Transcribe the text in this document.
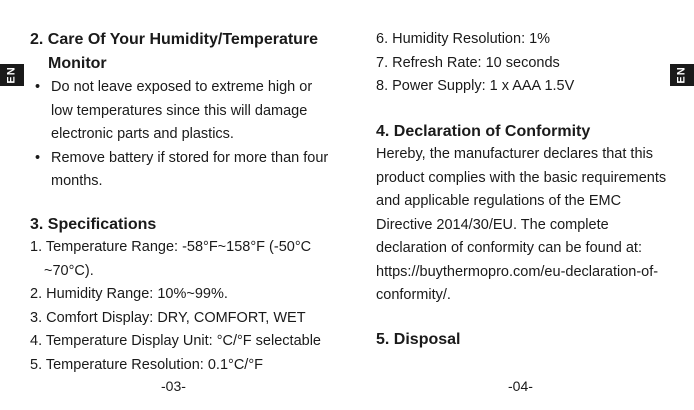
EN	EN
2. Care Of Your Humidity/Temperature Monitor
• Do not leave exposed to extreme high or low temperatures since this will damage electronic parts and plastics.
• Remove battery if stored for more than four months.
3. Specifications
1. Temperature Range: -58°F~158°F (-50°C ~70°C).
2. Humidity Range: 10%~99%.
3. Comfort Display: DRY, COMFORT, WET
4. Temperature Display Unit: °C/°F selectable
5. Temperature Resolution: 0.1°C/°F
6. Humidity Resolution: 1%
7. Refresh Rate: 10 seconds
8. Power Supply: 1 x AAA 1.5V
4. Declaration of Conformity

Hereby, the manufacturer declares that this product complies with the basic requirements and applicable regulations of the EMC Directive 2014/30/EU. The complete declaration of conformity can be found at: https://buythermopro.com/eu-declaration-of-conformity/.

5. Disposal
-03-	-04-
